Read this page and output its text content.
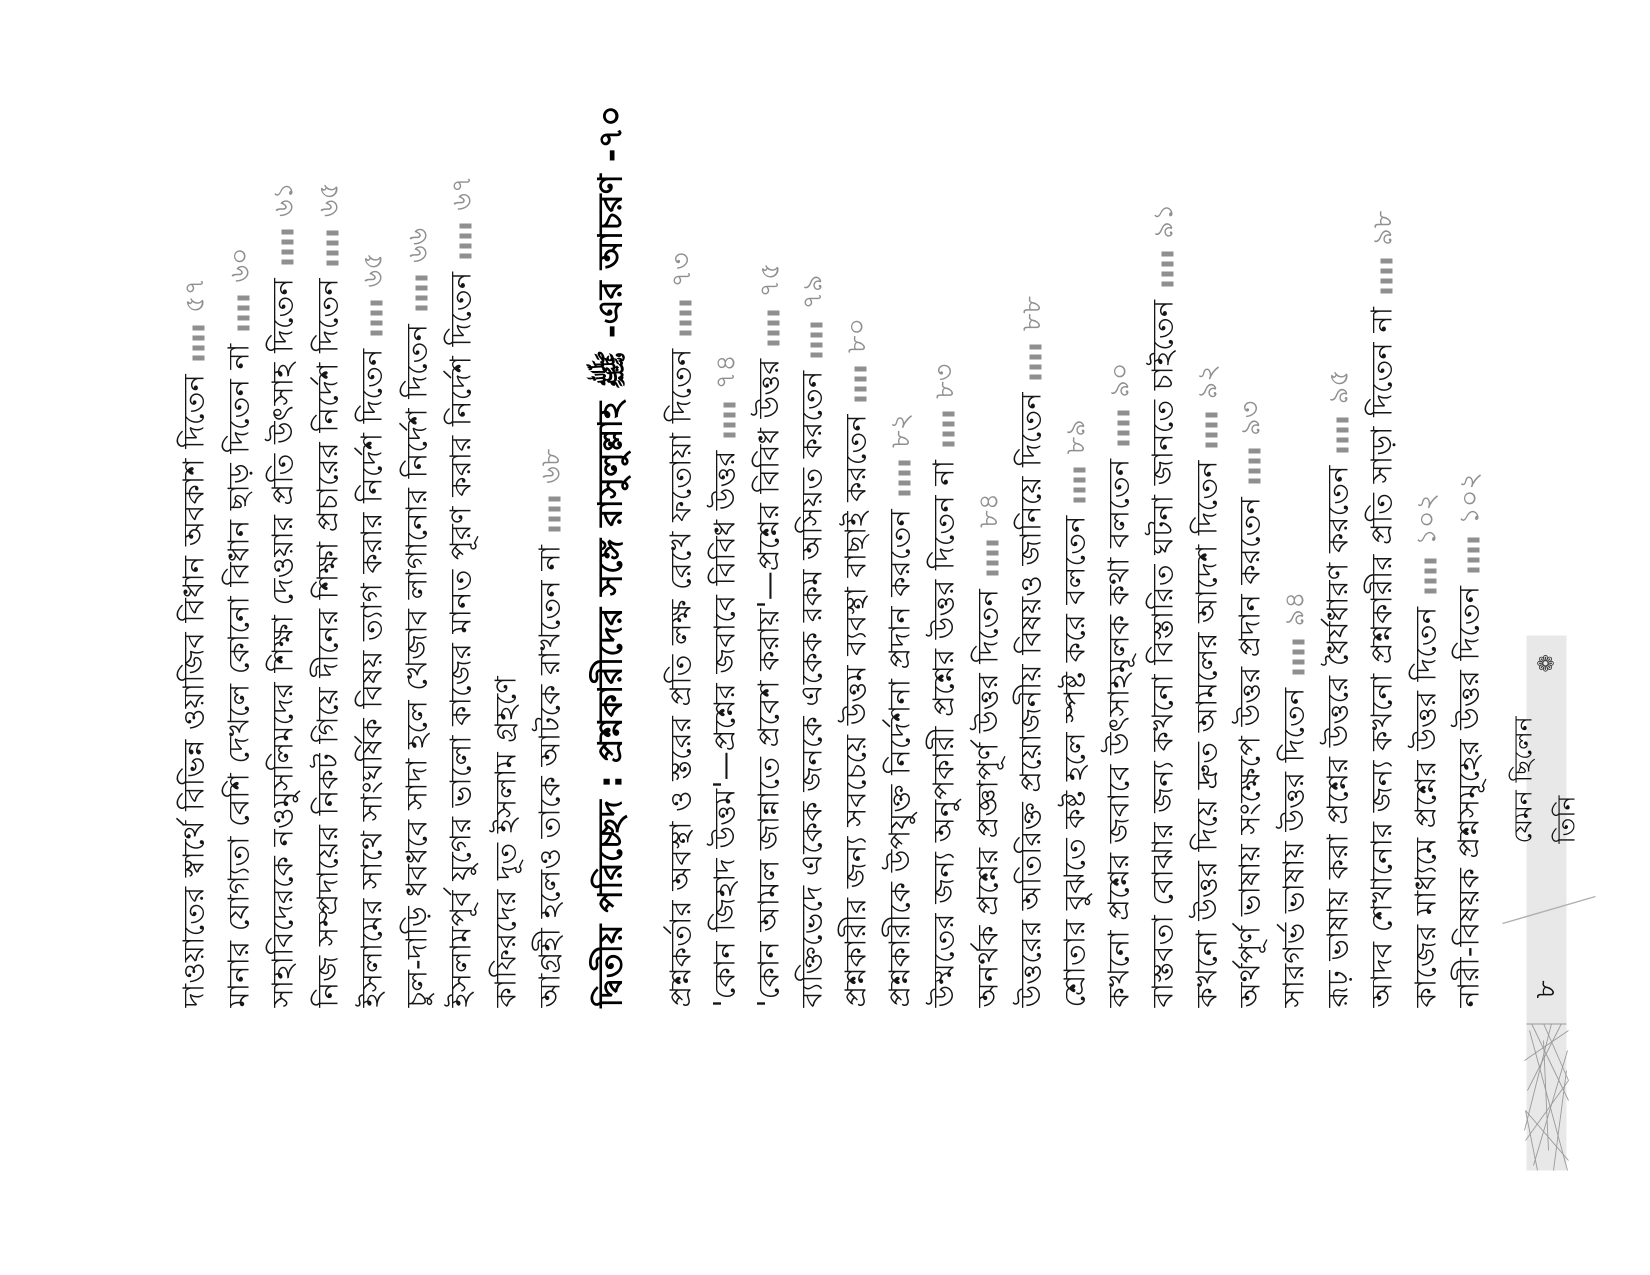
দাওয়াতের স্বার্থে বিভিন্ন ওয়াজিব বিধান অবকাশ দিতেন
৫৭
মানার যোগ্যতা বেশি দেখলে কোনো বিধান ছাড় দিতেন না
৬০
সাহাবিদেরকে নওমুসলিমদের শিক্ষা দেওয়ার প্রতি উৎসাহ দিতেন
৬১
নিজ সম্প্রদায়ের নিকট গিয়ে দীনের শিক্ষা প্রচারের নির্দেশ দিতেন
৬৫
ইসলামের সাথে সাংঘর্ষিক বিষয় ত্যাগ করার নির্দেশ দিতেন
৬৫
চুল-দাড়ি ধবধবে সাদা হলে খেজাব লাগানোর নির্দেশ দিতেন
৬৬
ইসলামপূর্ব যুগের ভালো কাজের মানত পূরণ করার নির্দেশ দিতেন
৬৭
কাফিরদের দূত ইসলাম গ্রহণে আগ্রহী হলেও তাকে আটকে রাখতেন না
৬৮ দ্বিতীয় পরিচ্ছেদ : প্রশ্নকারীদের সঙ্গে রাসুলুল্লাহ ﷺ -এর আচরণ -৭০
প্রশ্নকর্তার অবস্থা ও স্তরের প্রতি লক্ষ রেখে ফতোয়া দিতেন
৭৩
'কোন জিহাদ উত্তম'—প্রশ্নের জবাবে বিবিধ উত্তর
৭৪ 'কোন আমল জান্নাতে প্রবেশ করায়'—প্রশ্নের বিবিধ উত্তর
৭৫
ব্যক্তিভেদে একেক জনকে একেক রকম অসিয়ত করতেন
৭৯
প্রশ্নকারীর জন্য সবচেয়ে উত্তম ব্যবস্থা বাছাই করতেন
৮০
প্রশ্নকারীকে উপযুক্ত নির্দেশনা প্রদান করতেন
৮২
উম্মতের জন্য অনুপকারী প্রশ্নের উত্তর দিতেন না
৮৩
অনর্থক প্রশ্নের প্রজ্ঞাপূর্ণ উত্তর দিতেন
৮৪ উত্তরের অতিরিক্ত প্রয়োজনীয় বিষয়ও জানিয়ে দিতেন
৮৮
শ্রোতার বুঝতে কষ্ট হলে স্পষ্ট করে বলতেন
৮৯
কখনো প্রশ্নের জবাবে উৎসাহমূলক কথা বলতেন
৯০ বাস্তবতা বোঝার জন্য কখনো বিস্তারিত ঘটনা জানতে চাইতেন
৯১
কখনো উত্তর দিয়ে দ্রুত আমলের আদেশ দিতেন
৯২
অর্থপূর্ণ ভাষায় সংক্ষেপে উত্তর প্রদান করতেন
৯৩
সারগর্ভ ভাষায় উত্তর দিতেন
৯৪ রূঢ় ভাষায় করা প্রশ্নের উত্তরে ধৈর্যধারণ করতেন
৯৫ আদব শেখানোর জন্য কখনো প্রশ্নকারীর প্রতি সাড়া দিতেন না
৯৮
কাজের মাধ্যমে প্রশ্নের উত্তর দিতেন
১০২
নারী-বিষয়ক প্রশ্নসমূহের উত্তর দিতেন
১০২
৮
যেমন ছিলেন তিনি
❁
